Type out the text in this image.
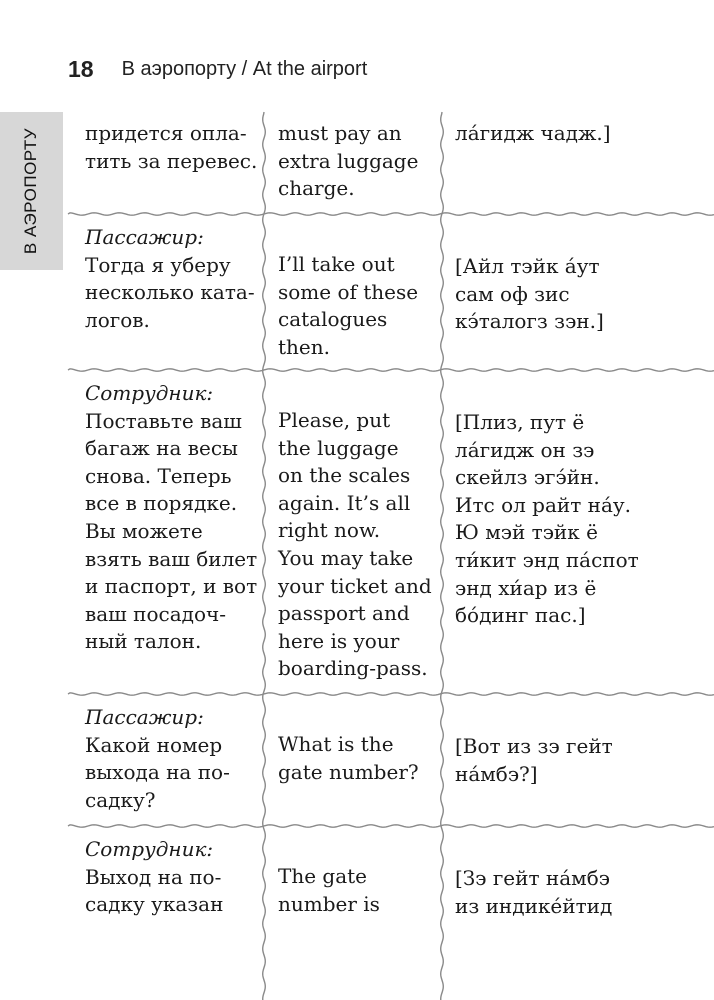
18 В аэропорту / At the airport
В АЭРОПОРТУ придется опла-
тить за перевес.
must pay an
extra luggage
charge.
ла́гидж чадж.]
Пассажир:
Тогда я уберу
несколько ката-
логов.
I’ll take out
some of these
catalogues
then.
[Айл тэйк а́ут
сам оф зис
кэ́талогз зэн.]
Сотрудник:
Поставьте ваш
багаж на весы
снова. Теперь
все в порядке.
Вы можете
взять ваш билет
и паспорт, и вот
ваш посадоч-
ный талон.
Please, put
the luggage
on the scales
again. It’s all
right now.
You may take
your ticket and
passport and
here is your
boarding-pass.
[Плиз, пут ё
ла́гидж он зэ
скейлз эгэ́йн.
Итс ол райт на́у.
Ю мэй тэйк ё
ти́кит энд па́спот
энд хи́ар из ё
бо́динг пас.]
Пассажир:
Какой номер
выхода на по-
садку?
What is the
gate number?
[Вот из зэ гейт
на́мбэ?]
Сотрудник:
Выход на по-
садку указан
The gate
number is
[Зэ гейт на́мбэ
из индике́йтид
